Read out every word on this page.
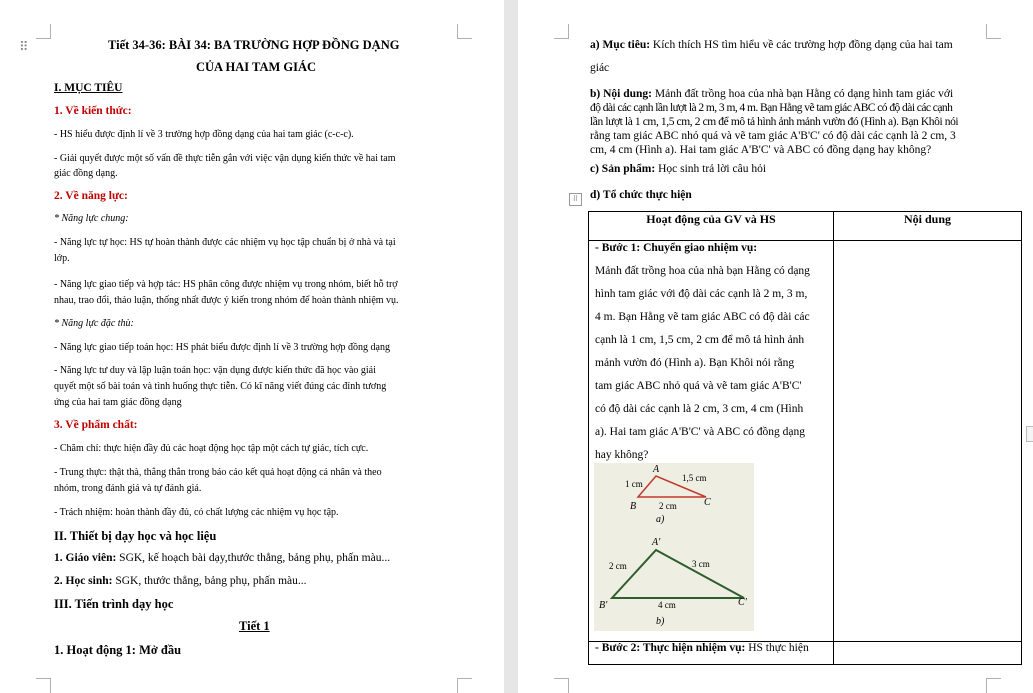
⠿	Tiết 34-36: BÀI 34: BA TRƯỜNG HỢP ĐỒNG DẠNG
CỦA HAI TAM GIÁC
I. MỤC TIÊU
1. Về kiến thức:
- HS hiểu được định lí về 3 trường hợp đồng dạng của hai tam giác (c-c-c).
- Giải quyết được một số vấn đề thực tiễn gắn với việc vận dụng kiến thức về hai tam
giác đồng dạng.
2. Về năng lực:
* Năng lực chung:
- Năng lực tự học: HS tự hoàn thành được các nhiệm vụ học tập chuẩn bị ở nhà và tại
lớp.
- Năng lực giao tiếp và hợp tác: HS phân công được nhiệm vụ trong nhóm, biết hỗ trợ
nhau, trao đổi, thảo luận, thống nhất được ý kiến trong nhóm để hoàn thành nhiệm vụ.
* Năng lực đặc thù:
- Năng lực giao tiếp toán học: HS phát biểu được định lí về 3 trường hợp đồng dạng
- Năng lực tư duy và lập luận toán học: vận dụng được kiến thức đã học vào giải
quyết một số bài toán và tình huống thực tiễn. Có kĩ năng viết đúng các đỉnh tương
ứng của hai tam giác đồng dạng
3. Về phẩm chất:
- Chăm chỉ: thực hiện đầy đủ các hoạt động học tập một cách tự giác, tích cực.
- Trung thực: thật thà, thẳng thắn trong báo cáo kết quả hoạt động cá nhân và theo
nhóm, trong đánh giá và tự đánh giá.
- Trách nhiệm: hoàn thành đầy đủ, có chất lượng các nhiệm vụ học tập.
II. Thiết bị dạy học và học liệu
1. Giáo viên: SGK, kế hoạch bài dạy,thước thẳng, bảng phụ, phấn màu...
2. Học sinh: SGK, thước thẳng, bảng phụ, phấn màu...
III. Tiến trình dạy học
Tiết 1
1. Hoạt động 1: Mở đầu
a) Mục tiêu: Kích thích HS tìm hiểu về các trường hợp đồng dạng của hai tam
giác
b) Nội dung: Mảnh đất trồng hoa của nhà bạn Hằng có dạng hình tam giác với
độ dài các cạnh lần lượt là 2 m, 3 m, 4 m. Bạn Hằng vẽ tam giác ABC có độ dài các cạnh
lần lượt là 1 cm, 1,5 cm, 2 cm để mô tả hình ảnh mảnh vườn đó (Hình a). Bạn Khôi nói
rằng tam giác ABC nhỏ quá và vẽ tam giác A'B'C' có độ dài các cạnh là 2 cm, 3
cm, 4 cm (Hình a). Hai tam giác A'B'C' và ABC có đồng dạng hay không?
c) Sản phẩm: Học sinh trả lời câu hỏi
⠿	d) Tổ chức thực hiện
Hoạt động của GV và HS	Nội dung

- Bước 1: Chuyển giao nhiệm vụ:
Mảnh đất trồng hoa của nhà bạn Hằng có dạng
hình tam giác với độ dài các cạnh là 2 m, 3 m,
4 m. Bạn Hằng vẽ tam giác ABC có độ dài các
cạnh là 1 cm, 1,5 cm, 2 cm để mô tả hình ảnh
mảnh vườn đó (Hình a). Bạn Khôi nói rằng
tam giác ABC nhỏ quá và vẽ tam giác A'B'C'
có độ dài các cạnh là 2 cm, 3 cm, 4 cm (Hình
a). Hai tam giác A'B'C' và ABC có đồng dạng
hay không?
A
B	C
1 cm
1,5 cm
2 cm
a)
A'
B'	C'
2 cm	3 cm
4 cm
b)
- Bước 2: Thực hiện nhiệm vụ: HS thực hiện
